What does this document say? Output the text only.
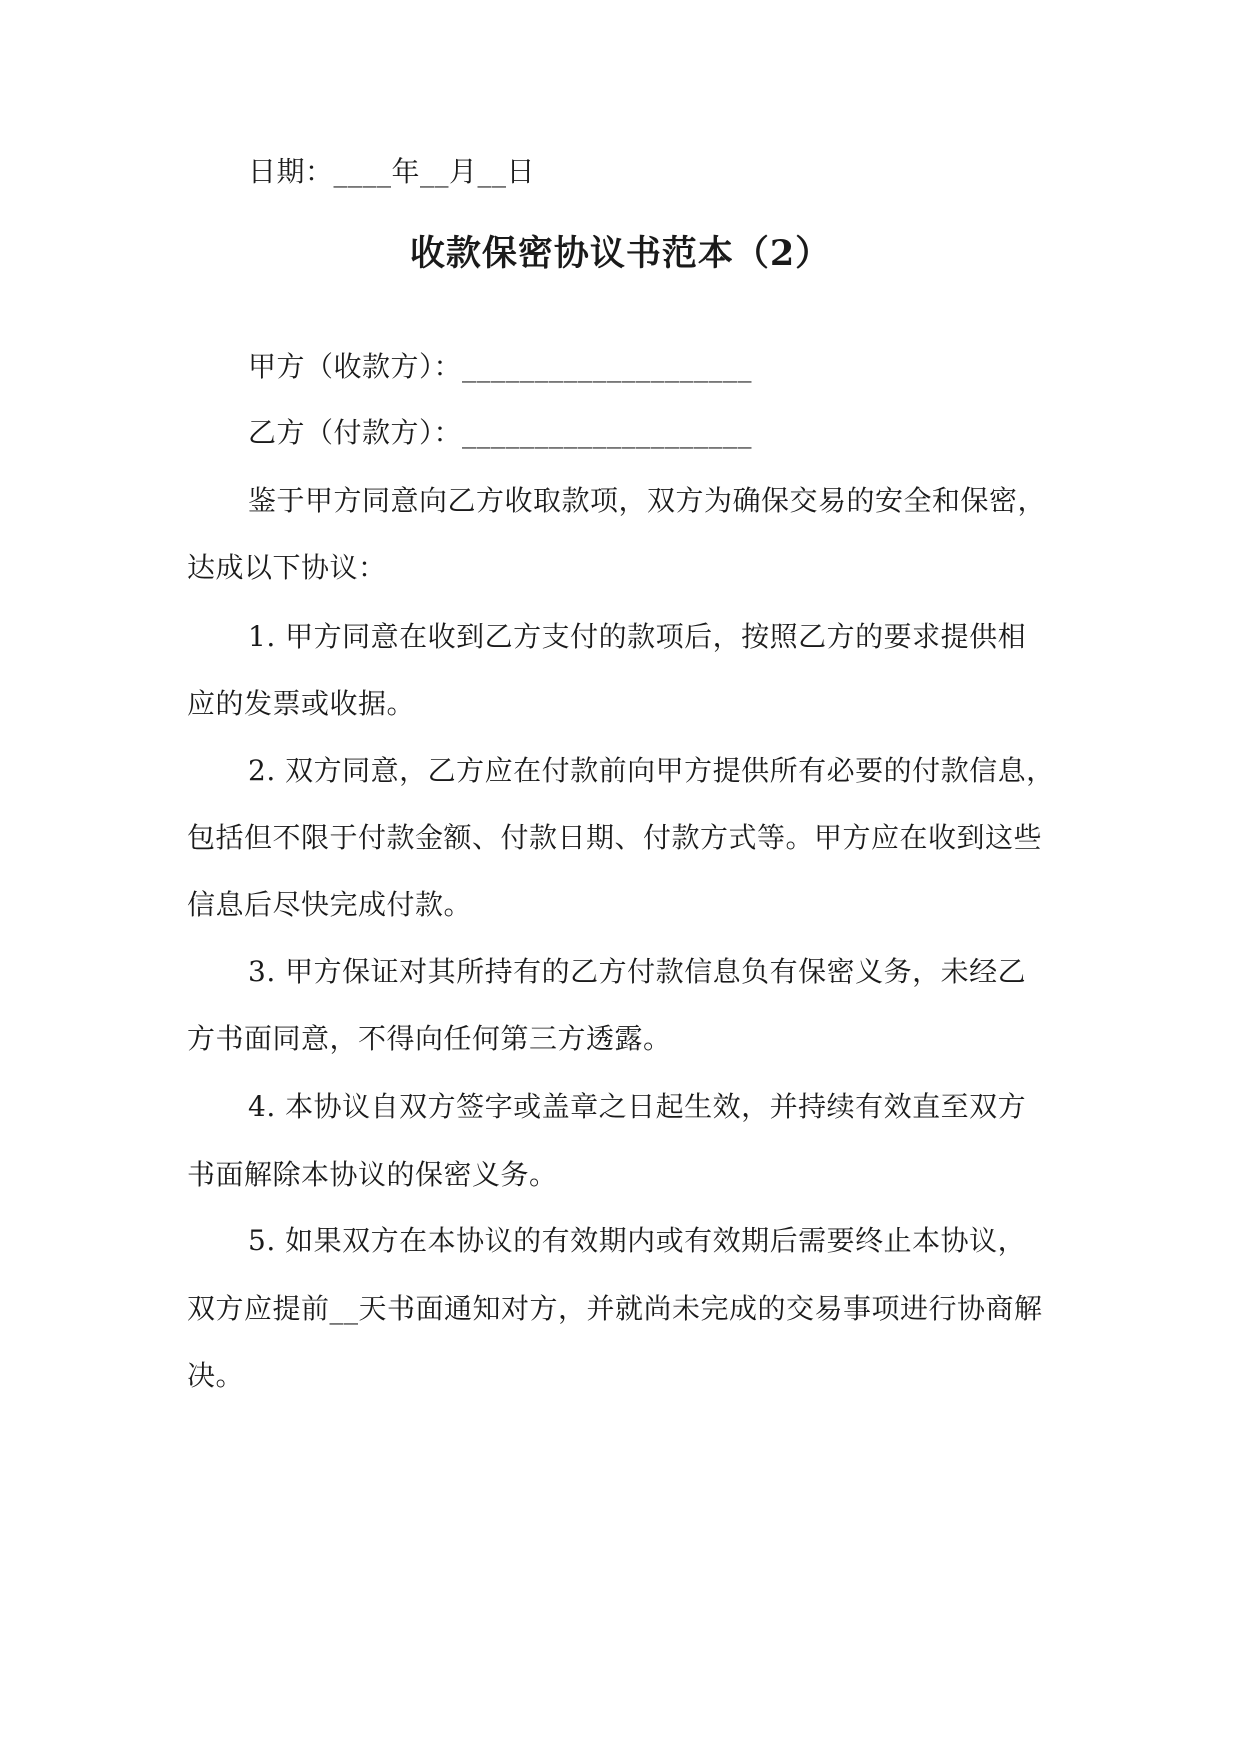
日期：____年__月__日
收款保密协议书范本（2）
甲方（收款方）：____________________
乙方（付款方）：____________________
鉴于甲方同意向乙方收取款项，双方为确保交易的安全和保密，
达成以下协议：
1. 甲方同意在收到乙方支付的款项后，按照乙方的要求提供相
应的发票或收据。
2. 双方同意，乙方应在付款前向甲方提供所有必要的付款信息，
包括但不限于付款金额、付款日期、付款方式等。甲方应在收到这些
信息后尽快完成付款。
3. 甲方保证对其所持有的乙方付款信息负有保密义务，未经乙
方书面同意，不得向任何第三方透露。
4. 本协议自双方签字或盖章之日起生效，并持续有效直至双方
书面解除本协议的保密义务。
5. 如果双方在本协议的有效期内或有效期后需要终止本协议，
双方应提前__天书面通知对方，并就尚未完成的交易事项进行协商解
决。
